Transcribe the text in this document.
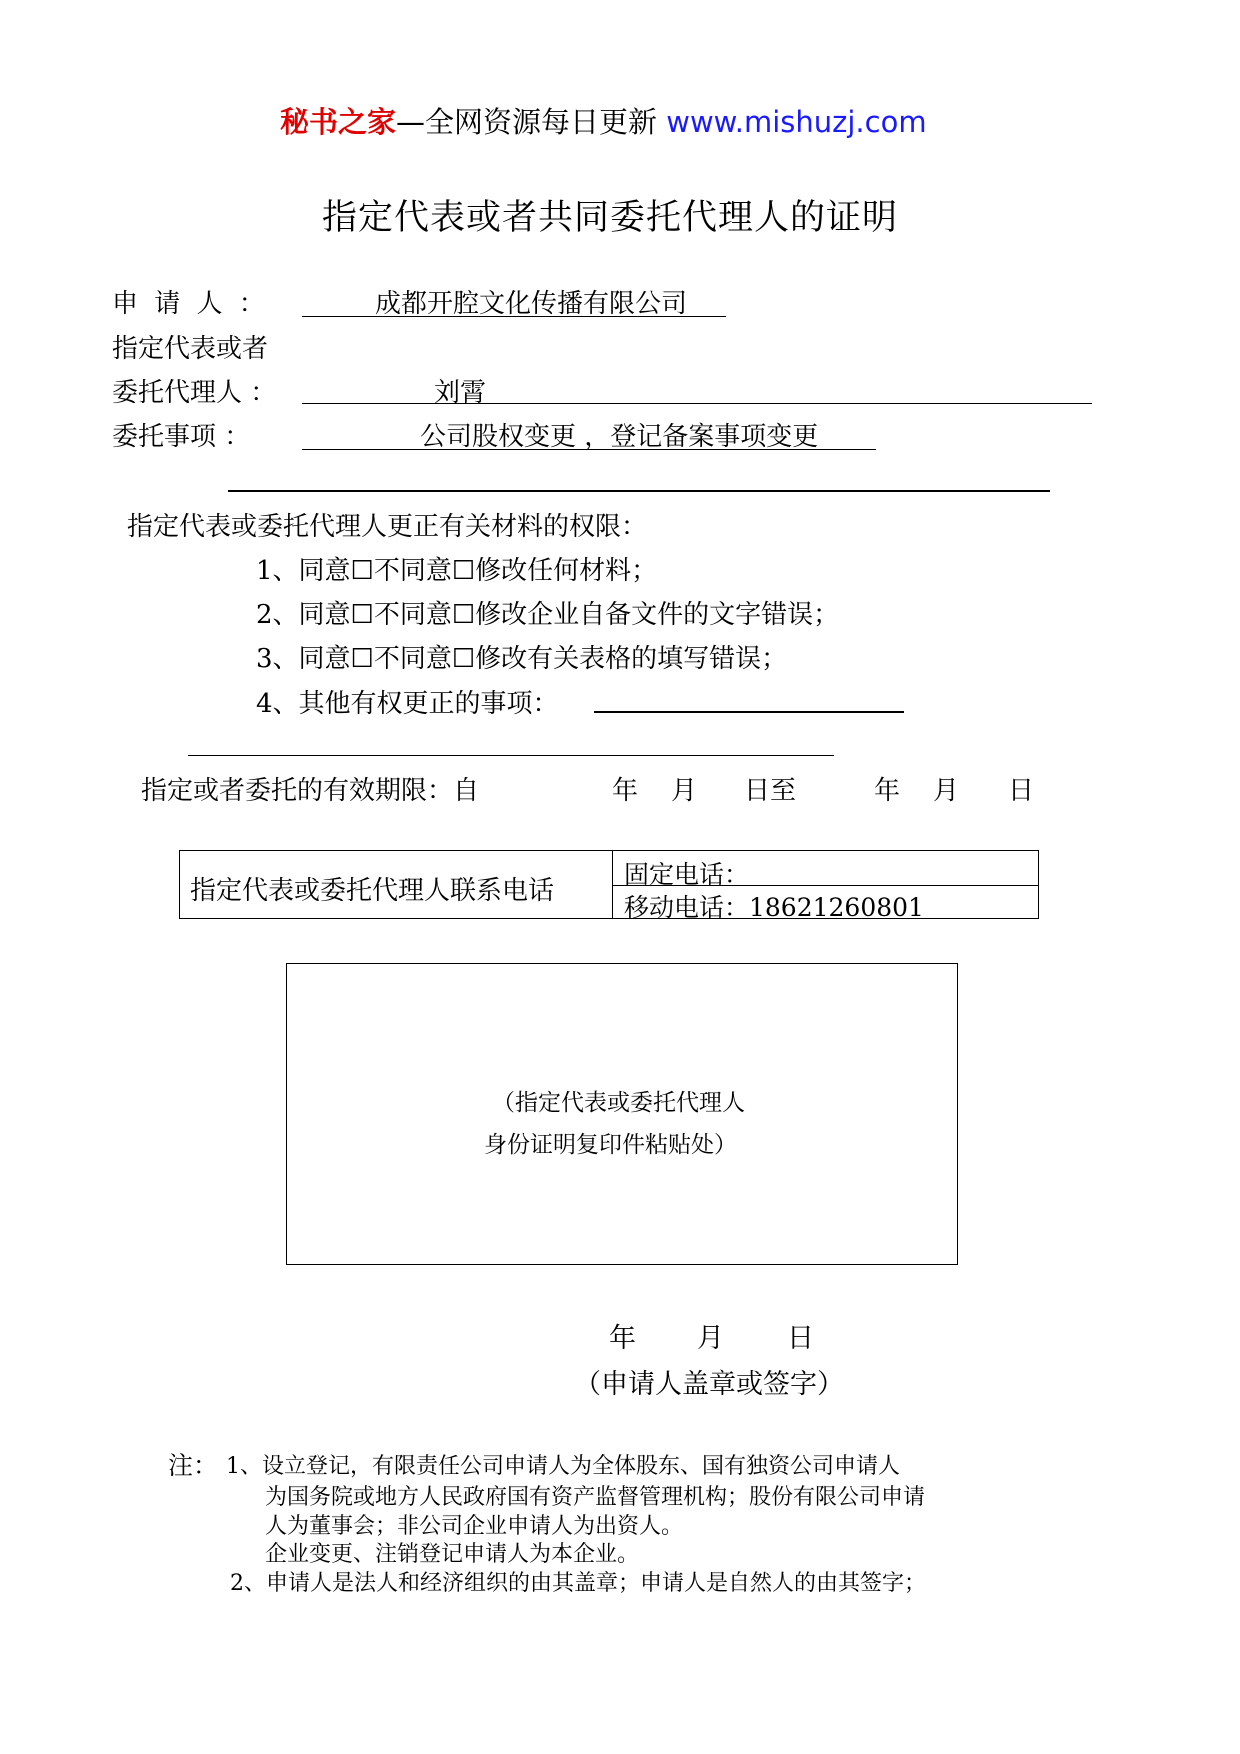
秘书之家—全网资源每日更新 www.mishuzj.com
指定代表或者共同委托代理人的证明
申 请 人 ：	成都开腔文化传播有限公司
指定代表或者
委托代理人 ：	刘霄
委托事项 ：	公司股权变更 ，登记备案事项变更
指定代表或委托代理人更正有关材料的权限：
1、同意☐不同意☐修改任何材料；
2、同意☐不同意☐修改企业自备文件的文字错误；
3、同意☐不同意☐修改有关表格的填写错误；
4、其他有权更正的事项：
指定或者委托的有效期限：自	年 月 日至	年 月 日
指定代表或委托代理人联系电话
固定电话：
移动电话：18621260801
（指定代表或委托代理人
身份证明复印件粘贴处）
年 月 日
（申请人盖章或签字）
注： 1、设立登记，有限责任公司申请人为全体股东、国有独资公司申请人
为国务院或地方人民政府国有资产监督管理机构；股份有限公司申请
人为董事会；非公司企业申请人为出资人。
企业变更、注销登记申请人为本企业。
2、申请人是法人和经济组织的由其盖章；申请人是自然人的由其签字；
